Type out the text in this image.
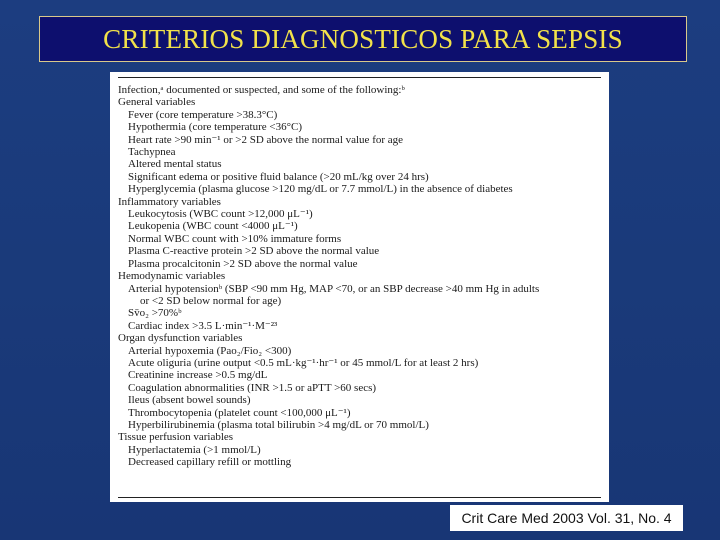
CRITERIOS DIAGNOSTICOS PARA SEPSIS
Infection,ᵃ documented or suspected, and some of the following:ᵇ
General variables
Fever (core temperature >38.3°C)
Hypothermia (core temperature <36°C)
Heart rate >90 min⁻¹ or >2 SD above the normal value for age
Tachypnea
Altered mental status
Significant edema or positive fluid balance (>20 mL/kg over 24 hrs)
Hyperglycemia (plasma glucose >120 mg/dL or 7.7 mmol/L) in the absence of diabetes
Inflammatory variables
Leukocytosis (WBC count >12,000 μL⁻¹)
Leukopenia (WBC count <4000 μL⁻¹)
Normal WBC count with >10% immature forms
Plasma C-reactive protein >2 SD above the normal value
Plasma procalcitonin >2 SD above the normal value
Hemodynamic variables
Arterial hypotensionᵇ (SBP <90 mm Hg, MAP <70, or an SBP decrease >40 mm Hg in adults
or <2 SD below normal for age)
Sv̄o₂ >70%ᵇ
Cardiac index >3.5 L·min⁻¹·M⁻²³
Organ dysfunction variables
Arterial hypoxemia (Pao₂/Fio₂ <300)
Acute oliguria (urine output <0.5 mL·kg⁻¹·hr⁻¹ or 45 mmol/L for at least 2 hrs)
Creatinine increase >0.5 mg/dL
Coagulation abnormalities (INR >1.5 or aPTT >60 secs)
Ileus (absent bowel sounds)
Thrombocytopenia (platelet count <100,000 μL⁻¹)
Hyperbilirubinemia (plasma total bilirubin >4 mg/dL or 70 mmol/L)
Tissue perfusion variables
Hyperlactatemia (>1 mmol/L)
Decreased capillary refill or mottling
Crit Care Med 2003 Vol. 31, No. 4
